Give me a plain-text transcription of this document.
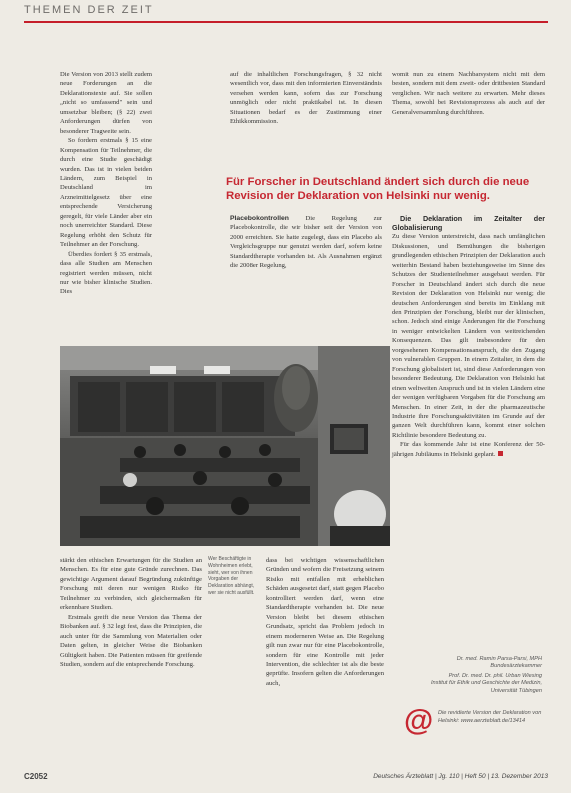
THEMEN DER ZEIT

Die Version von 2013 stellt zudem neue Forderungen an die Deklarationstexte auf. Sie sollen „nicht so umfassend" sein und umsetzbar bleiben; (§ 22) zwei Anforderungen dürfen von besonderer Tragweite sein.

So fordern erstmals § 15 eine Kompensation für Teilnehmer, die durch eine Studie geschädigt wurden. Das ist in vielen beiden Ländern, zum Beispiel in Deutschland im Arzneimittelgesetz über eine entsprechende Versicherung geregelt, für viele Länder aber ein noch unerreichter Standard. Diese Regelung erhöht den Schutz für Teilnehmer an der Forschung.

Überdies fordert § 35 erstmals, dass alle Studien am Menschen registriert werden müssen, nicht nur wie bisher klinische Studien. Dies

auf die inhaltlichen Forschungsfragen, § 32 nicht wesentlich vor, dass mit den informierten Einverständnis versehen werden kann, sofern das zur Forschung unmöglich oder nicht praktikabel ist. In diesen Situationen bedarf es der Zustimmung einer Ethikkommission.

womit nun zu einem Nachbarsystem nicht mit dem besten, sondern mit dem zweit- oder drittbesten Standard verglichen. Wir nach weitere zu erwarten. Mehr dieses Thema, sowohl bei Revisionsprozess als auch auf der Generalversammlung durchführen.

Für Forscher in Deutschland ändert sich durch die neue Revision der Deklaration von Helsinki nur wenig.

Placebokontrollen Die Regelung zur Placebokontrolle, die wir bisher seit der Version von 2000 erreichten. Sie hatte zugelegt, dass ein Placebo als Vergleichsgruppe nur genutzt werden darf, sofern keine Standardtherapie vorhanden ist. Als Ausnahmen ergänzt die 2008er Regelung,

Die Deklaration im Zeitalter der Globalisierung

Zu diese Version unterstreicht, dass nach umfänglichen Diskussionen, und Bemühungen die bisherigen grundlegenden ethischen Prinzipien der Deklaration auch weiterhin Bestand haben beziehungsweise im Sinne des Schutzes der Studienteilnehmer ausgebaut werden. Für Forscher in Deutschland ändert sich durch die neue Revision der Deklaration von Helsinki nur wenig; die deutschen Anforderungen sind bereits im Einklang mit den Prinzipien der Forschung, bleibt nur der klinischen, schon. Jedoch sind einige Änderungen für die Forschung in weniger entwickelten Ländern von weitreichenden Konsequenzen. Das gilt insbesondere für den vorgesehenen Kompensationsanspruch, die den Zugang von vulnerablen Gruppen. In einem Zeitalter, in dem die Forschung globalisiert ist, sind diese Anforderungen von besonderer Bedeutung. Die Deklaration von Helsinki hat einen weltweiten Anspruch und ist in vielen Ländern eine der wenigen verfügbaren Vorgaben für die Forschung am Menschen. In einer Zeit, in der die pharmazeutische Industrie ihre Forschungsaktivitäten im Grunde auf der ganzen Welt durchführen kann, kommt einer solchen Richtlinie besondere Bedeutung zu.

Für das kommende Jahr ist eine Konferenz der 50-jährigen Jubiläums in Helsinki geplant.

Wer Beschäftigte in Wohnheimen erlebt, sieht, wer von ihnen Vorgaben der Deklaration abhängt, wer sie nicht ausfüllt.

stärkt den ethischen Erwartungen für die Studien an Menschen. Es für eine gute Gründe zurechnen. Das gewichtige Argument darauf Begründung zukünftige Forschung mit deren nur wenigen Risiko für Teilnehmer zu verbinden, sich gleichermaßen für erkennbare Studien.

Erstmals greift die neue Version das Thema der Biobanken auf. § 32 legt fest, dass die Prinzipien, die auch unter für die Sammlung von Materialien oder Daten gelten, in gleicher Weise die Biobanken Gültigkeit haben. Die Patienten müssen für greifende Studien, sondern auf die entsprechende Forschung.

dass bei wichtigen wissenschaftlichen Gründen und wofern die Freisetzung seinem Risiko mit entfallen mit erheblichen Schäden ausgesetzt darf, statt gegen Placebo kontrolliert werden darf, wenn eine Standardtherapie vorhanden ist. Die neue Version bleibt bei diesem ethischen Grundsatz, spricht das Problem jedoch in einem moderneren Weise an. Die Regelung gilt nun zwar nur für eine Placebokontrolle, sondern für eine Kontrolle mit jeder Intervention, die schlechter ist als die beste geprüfte. Insofern gelten die Anforderungen auch,

Dr. med. Ramin Parsa-Parsi, MPH
Bundesärztekammer
Prof. Dr. med. Dr. phil. Urban Wiesing
Institut für Ethik und Geschichte der Medizin,
Universität Tübingen
@ Die revidierte Version der Deklaration von Helsinki: www.aerzteblatt.de/13414
C2052	Deutsches Ärzteblatt | Jg. 110 | Heft 50 | 13. Dezember 2013
